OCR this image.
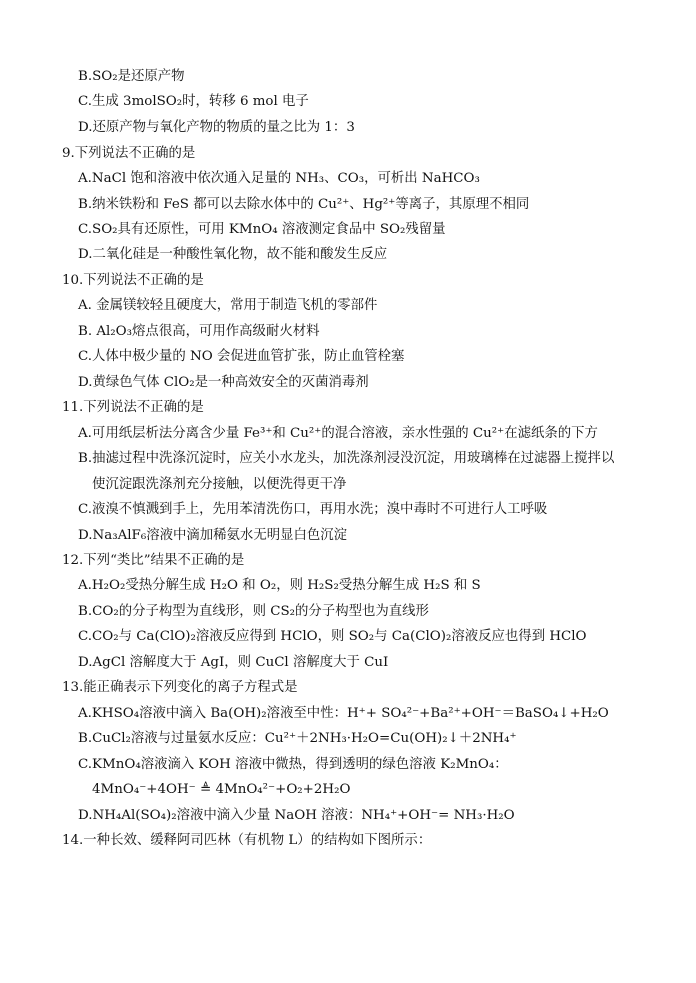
B.SO₂是还原产物
C.生成 3molSO₂时，转移 6 mol 电子
D.还原产物与氧化产物的物质的量之比为 1：3
9.下列说法不正确的是
A.NaCl 饱和溶液中依次通入足量的 NH₃、CO₃，可析出 NaHCO₃
B.纳米铁粉和 FeS 都可以去除水体中的 Cu²⁺、Hg²⁺等离子，其原理不相同
C.SO₂具有还原性，可用 KMnO₄ 溶液测定食品中 SO₂残留量
D.二氧化硅是一种酸性氧化物，故不能和酸发生反应
10.下列说法不正确的是
A. 金属镁较轻且硬度大，常用于制造飞机的零部件
B. Al₂O₃熔点很高，可用作高级耐火材料
C.人体中极少量的 NO 会促进血管扩张，防止血管栓塞
D.黄绿色气体 ClO₂是一种高效安全的灭菌消毒剂
11.下列说法不正确的是
A.可用纸层析法分离含少量 Fe³⁺和 Cu²⁺的混合溶液，亲水性强的 Cu²⁺在滤纸条的下方
B.抽滤过程中洗涤沉淀时，应关小水龙头，加洗涤剂浸没沉淀，用玻璃棒在过滤器上搅拌以
使沉淀跟洗涤剂充分接触，以便洗得更干净
C.液溴不慎溅到手上，先用苯清洗伤口，再用水洗；溴中毒时不可进行人工呼吸
D.Na₃AlF₆溶液中滴加稀氨水无明显白色沉淀
12.下列“类比”结果不正确的是
A.H₂O₂受热分解生成 H₂O 和 O₂，则 H₂S₂受热分解生成 H₂S 和 S
B.CO₂的分子构型为直线形，则 CS₂的分子构型也为直线形
C.CO₂与 Ca(ClO)₂溶液反应得到 HClO，则 SO₂与 Ca(ClO)₂溶液反应也得到 HClO
D.AgCl 溶解度大于 AgI，则 CuCl 溶解度大于 CuI
13.能正确表示下列变化的离子方程式是
A.KHSO₄溶液中滴入 Ba(OH)₂溶液至中性：H⁺+ SO₄²⁻+Ba²⁺+OH⁻＝BaSO₄↓+H₂O
B.CuCl₂溶液与过量氨水反应：Cu²⁺＋2NH₃·H₂O=Cu(OH)₂↓＋2NH₄⁺
C.KMnO₄溶液滴入 KOH 溶液中微热，得到透明的绿色溶液 K₂MnO₄：
4MnO₄⁻+4OH⁻ ≜ 4MnO₄²⁻+O₂+2H₂O
D.NH₄Al(SO₄)₂溶液中滴入少量 NaOH 溶液：NH₄⁺+OH⁻= NH₃·H₂O
14.一种长效、缓释阿司匹林（有机物 L）的结构如下图所示：
